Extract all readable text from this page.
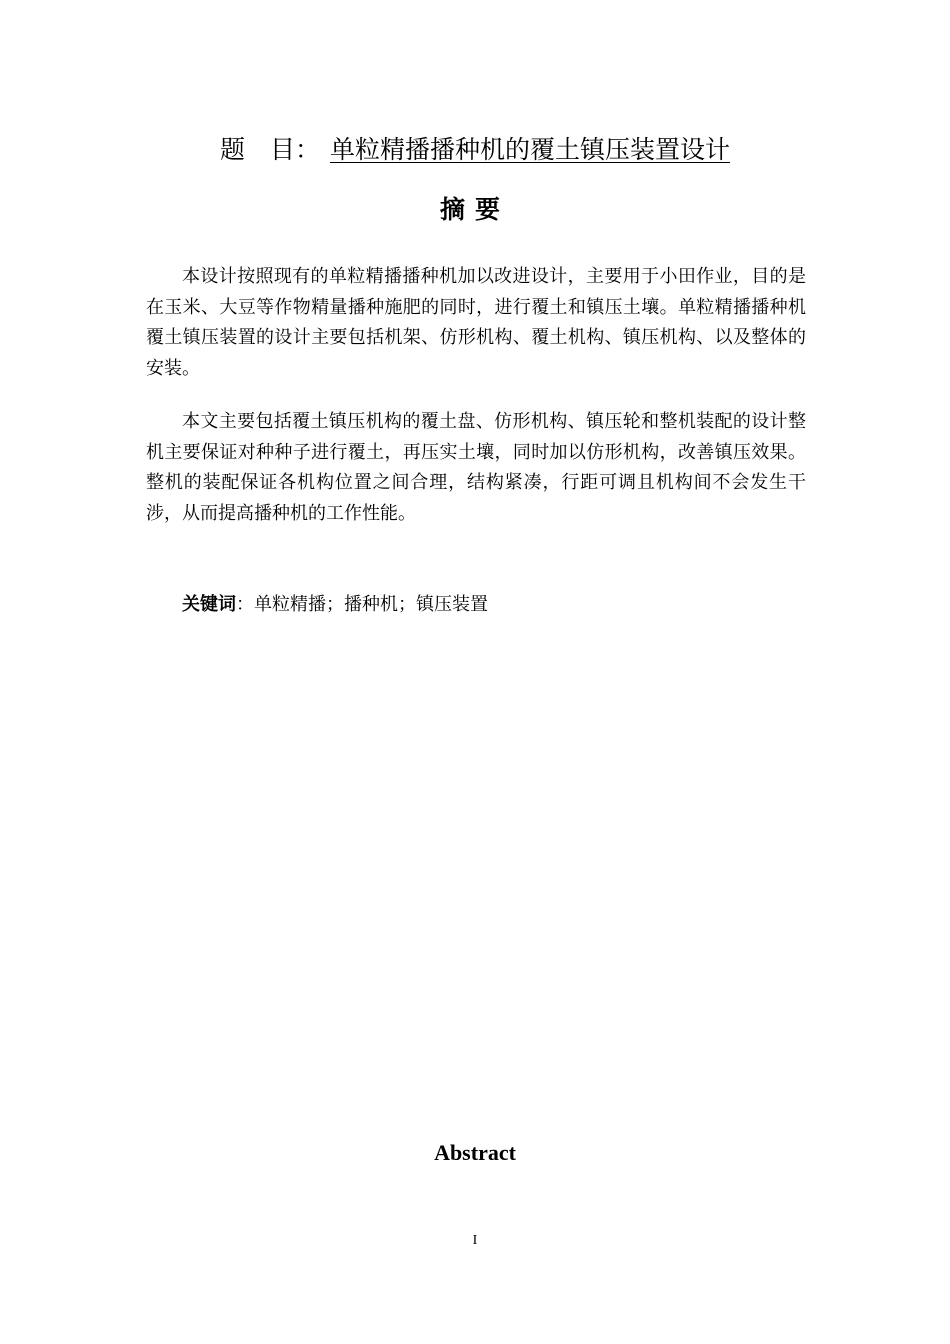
题　目： 单粒精播播种机的覆土镇压装置设计
摘要

本设计按照现有的单粒精播播种机加以改进设计，主要用于小田作业，目的是在玉米、大豆等作物精量播种施肥的同时，进行覆土和镇压土壤。单粒精播播种机覆土镇压装置的设计主要包括机架、仿形机构、覆土机构、镇压机构、以及整体的安装。

本文主要包括覆土镇压机构的覆土盘、仿形机构、镇压轮和整机装配的设计整机主要保证对种种子进行覆土，再压实土壤，同时加以仿形机构，改善镇压效果。整机的装配保证各机构位置之间合理，结构紧凑，行距可调且机构间不会发生干涉，从而提高播种机的工作性能。

关键词：单粒精播；播种机；镇压装置
Abstract
I
